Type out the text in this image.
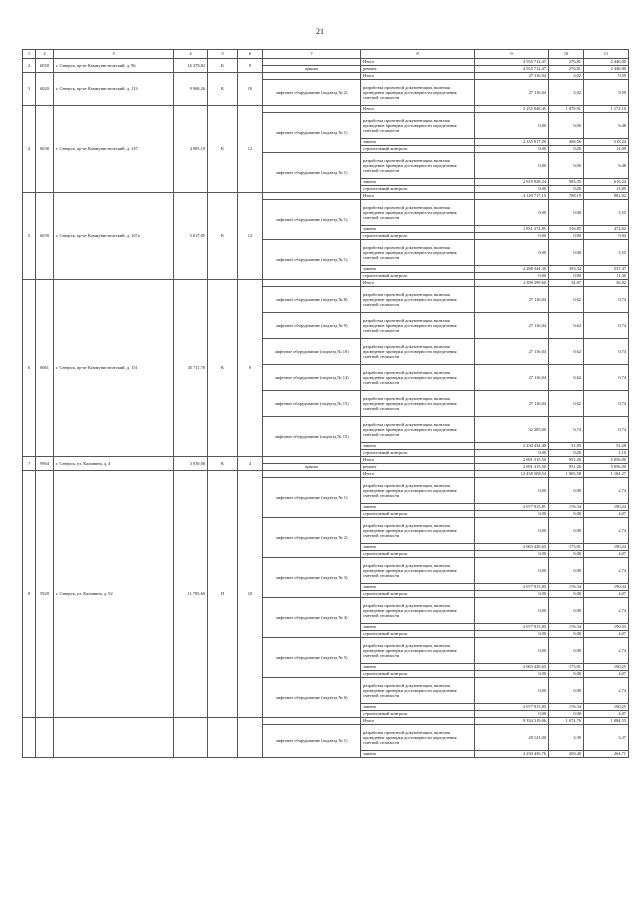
21
1	2	3	4	5	6	7	8	9	10	11
2	6050	г. Северск, пр-кт Коммунистический, д. 96	16 378,82	К	9		Итого	4 555 712,47	276,81	2 440,00
						крыша	ремонт	4 555 712,47	276,81	2 440,00
3	6020	г. Северск, пр-кт Коммунистический, д. 113	9 968,26	К	10		Итого	27 116,04	3,02	9,59
						лифтовое оборудование (подъезд № 2)	разработка проектной документации, включая проведение проверки достоверности определения сметной стоимости	27 116,04	3,02	9,59
4	6038	г. Северск, пр-кт Коммунистический, д. 147	4 985,10	К	12		Итого	5 255 848,45	1 079,91	1 172,10
						лифтовое оборудование (подъезд № 1)	разработка проектной документации, включая проведение проверки достоверности определения сметной стоимости	0,00	0,00	6,48
							замена	2 335 917,29	468,56	518,24
							строительный контроль	0,00	0,00	13,09
						лифтовое оборудование (подъезд № 1)	разработка проектной документации, включая проведение проверки достоверности определения сметной стоимости	0,00	0,00	6,48
							замена	2 919 928,24	585,35	616,24
							строительный контроль	0,00	0,00	13,85
5	6039	г. Северск, пр-кт Коммунистический, д. 167а	5 617,85	К	12		Итого	4 120 717,15	708,19	982,02
						лифтовое оборудование (подъезд № 1)	разработка проектной документации, включая проведение проверки достоверности определения сметной стоимости	0,00	0,00	5,55
							замена	1 831 372,85	316,85	472,62
							строительный контроль	0,00	0,00	9,04
						лифтовое оборудование (подъезд № 1)	разработка проектной документации, включая проведение проверки достоверности определения сметной стоимости	0,00	0,00	5,55
							замена	2 288 344,30	393,34	537,47
							строительный контроль	0,00	0,00	11,30
6	6061	г. Северск, пр-кт Коммунистический, д. 151	45 711,70	К	9		Итого	2 398 299,60	54,87	56,82
						лифтовое оборудование (подъезд № 8)	разработка проектной документации, включая проведение проверки достоверности определения сметной стоимости	27 116,04	0,62	0,74
						лифтовое оборудование (подъезд № 9)	разработка проектной документации, включая проведение проверки достоверности определения сметной стоимости	27 116,04	0,62	0,74
						лифтовое оборудование (подъезд № 10)	разработка проектной документации, включая проведение проверки достоверности определения сметной стоимости	27 116,04	0,62	0,74
						лифтовое оборудование (подъезд № 14)	разработка проектной документации, включая проведение проверки достоверности определения сметной стоимости	27 116,04	0,62	0,74
						лифтовое оборудование (подъезд № 15)	разработка проектной документации, включая проведение проверки достоверности определения сметной стоимости	27 116,04	0,62	0,74
						лифтовое оборудование (подъезд № 15)	разработка проектной документации, включая проведение проверки достоверности определения сметной стоимости	32 285,00	0,74	0,74
							замена	2 230 434,40	51,05	51,28
							строительный контроль	0,00	0,00	1,10
7	9964	г. Северск, ул. Калинина, д. 4	3 039,00	К	4		Итого	2 691 315,50	951,26	5 056,00
						крыша	ремонт	2 691 315,50	951,26	5 056,00
8	5920	г. Северск, ул. Калинина, д. 92	11 785,60	П	10		Итого	12 438 508,54	1 065,58	1 184,27
						лифтовое оборудование (подъезд № 1)	разработка проектной документации, включая проведение проверки достоверности определения сметной стоимости	0,00	0,00	2,74
							замена	2 077 915,81	176,34	190,24
							строительный контроль	0,00	0,00	4,07
						лифтовое оборудование (подъезд № 2)	разработка проектной документации, включая проведение проверки достоверности определения сметной стоимости	0,00	0,00	2,74
							замена	2 063 420,63	175,01	190,24
							строительный контроль	0,00	0,00	4,07
						лифтовое оборудование (подъезд № 3)	разработка проектной документации, включая проведение проверки достоверности определения сметной стоимости	0,00	0,00	2,74
							замена	2 077 915,83	176,34	190,34
							строительный контроль	0,00	0,00	4,07
						лифтовое оборудование (подъезд № 4)	разработка проектной документации, включая проведение проверки достоверности определения сметной стоимости	0,00	0,00	2,74
							замена	2 077 915,83	176,34	190,33
							строительный контроль	0,00	0,00	4,07
						лифтовое оборудование (подъезд № 5)	разработка проектной документации, включая проведение проверки достоверности определения сметной стоимости	0,00	0,00	2,74
							замена	2 063 420,63	175,01	190,25
							строительный контроль	0,00	0,00	4,07
						лифтовое оборудование (подъезд № 6)	разработка проектной документации, включая проведение проверки достоверности определения сметной стоимости	0,00	0,00	2,74
							замена	2 077 915,83	176,34	190,25
							строительный контроль	0,00	0,00	4,07
							Итого	9 334 319,06	1 074,76	1 084,53
						лифтовое оборудование (подъезд № 1)	разработка проектной документации, включая проведение проверки достоверности определения сметной стоимости	28 141,00	3,39	3,37
							замена	2 230 436,76	269,40	264,71
